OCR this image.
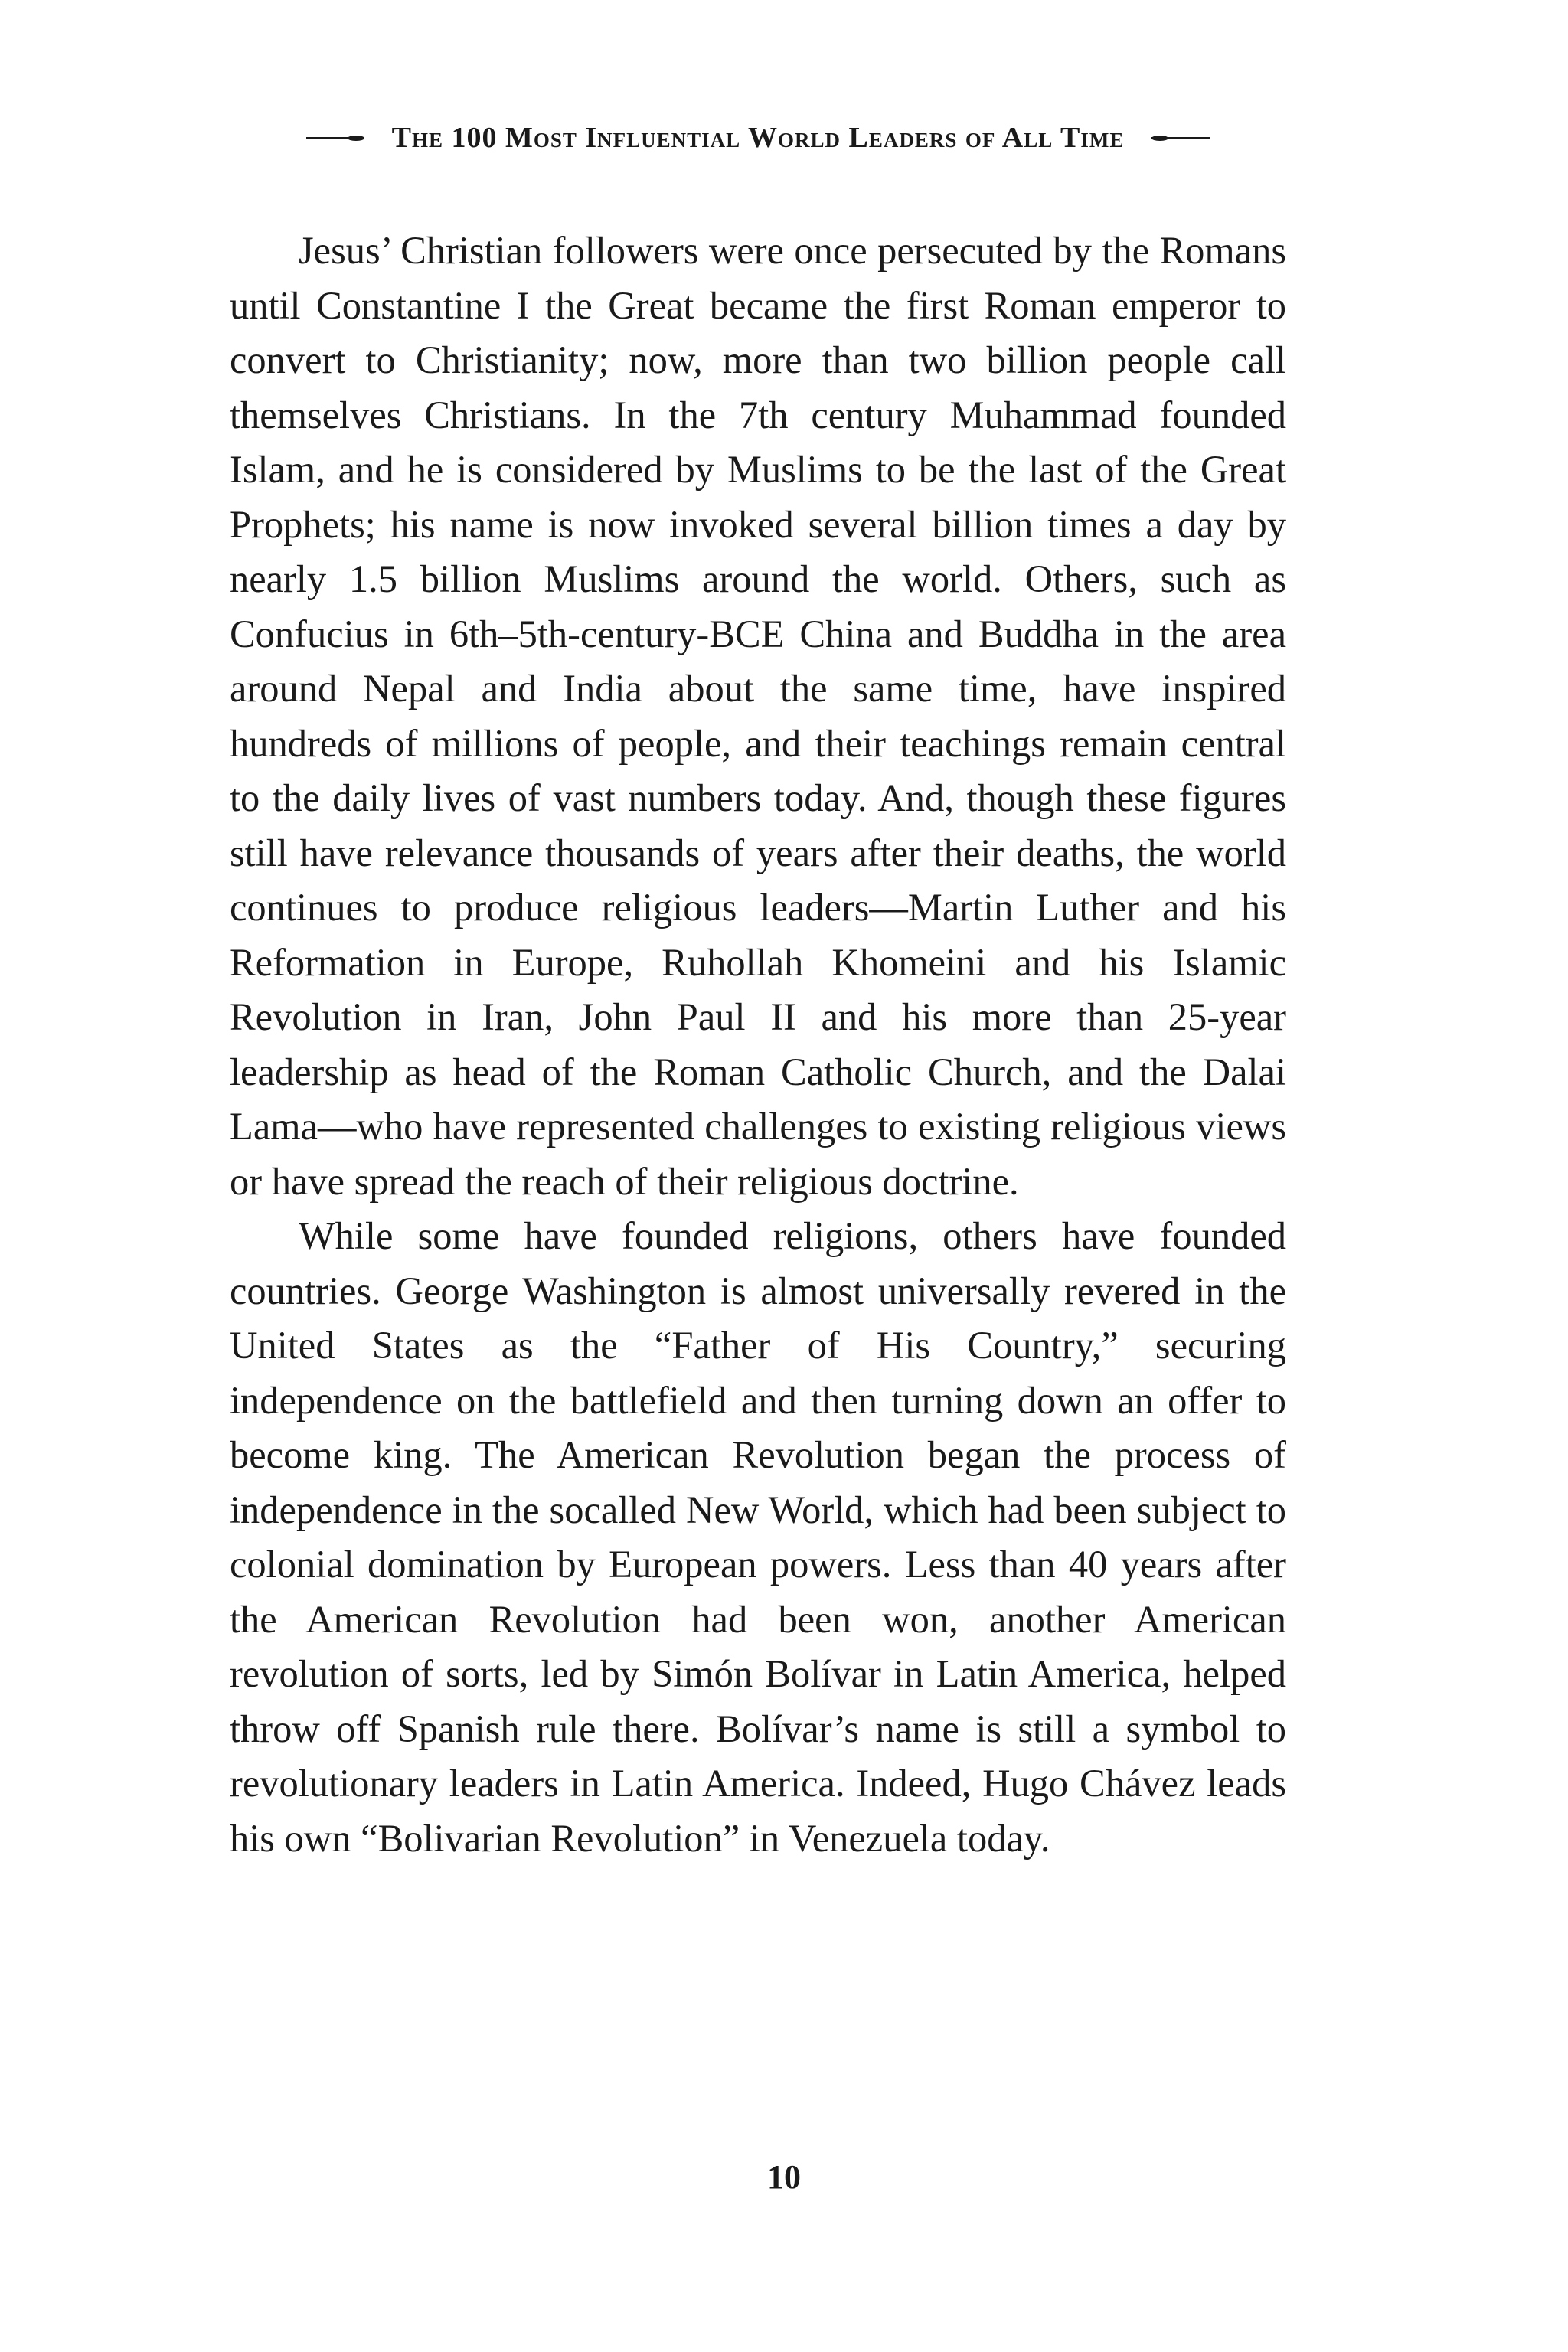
The 100 Most Influential World Leaders of All Time

Jesus’ Christian followers were once persecuted by the Romans until Constantine I the Great became the first Roman emperor to convert to Christianity; now, more than two billion people call themselves Christians. In the 7th century Muhammad founded Islam, and he is considered by Muslims to be the last of the Great Prophets; his name is now invoked several billion times a day by nearly 1.5 billion Muslims around the world. Others, such as Confucius in 6th–5th-century-BCE China and Buddha in the area around Nepal and India about the same time, have inspired hundreds of millions of people, and their teachings remain central to the daily lives of vast numbers today. And, though these figures still have relevance thousands of years after their deaths, the world continues to produce religious leaders—Martin Luther and his Reformation in Europe, Ruhollah Khomeini and his Islamic Revolution in Iran, John Paul II and his more than 25-year leadership as head of the Roman Catholic Church, and the Dalai Lama—who have represented challenges to existing religious views or have spread the reach of their religious doctrine.

While some have founded religions, others have founded countries. George Washington is almost universally revered in the United States as the “Father of His Country,” securing independence on the battlefield and then turning down an offer to become king. The American Revolution began the process of independence in the socalled New World, which had been subject to colonial domination by European powers. Less than 40 years after the American Revolution had been won, another American revolution of sorts, led by Simón Bolívar in Latin America, helped throw off Spanish rule there. Bolívar’s name is still a symbol to revolutionary leaders in Latin America. Indeed, Hugo Chávez leads his own “Bolivarian Revolution” in Venezuela today.

10
